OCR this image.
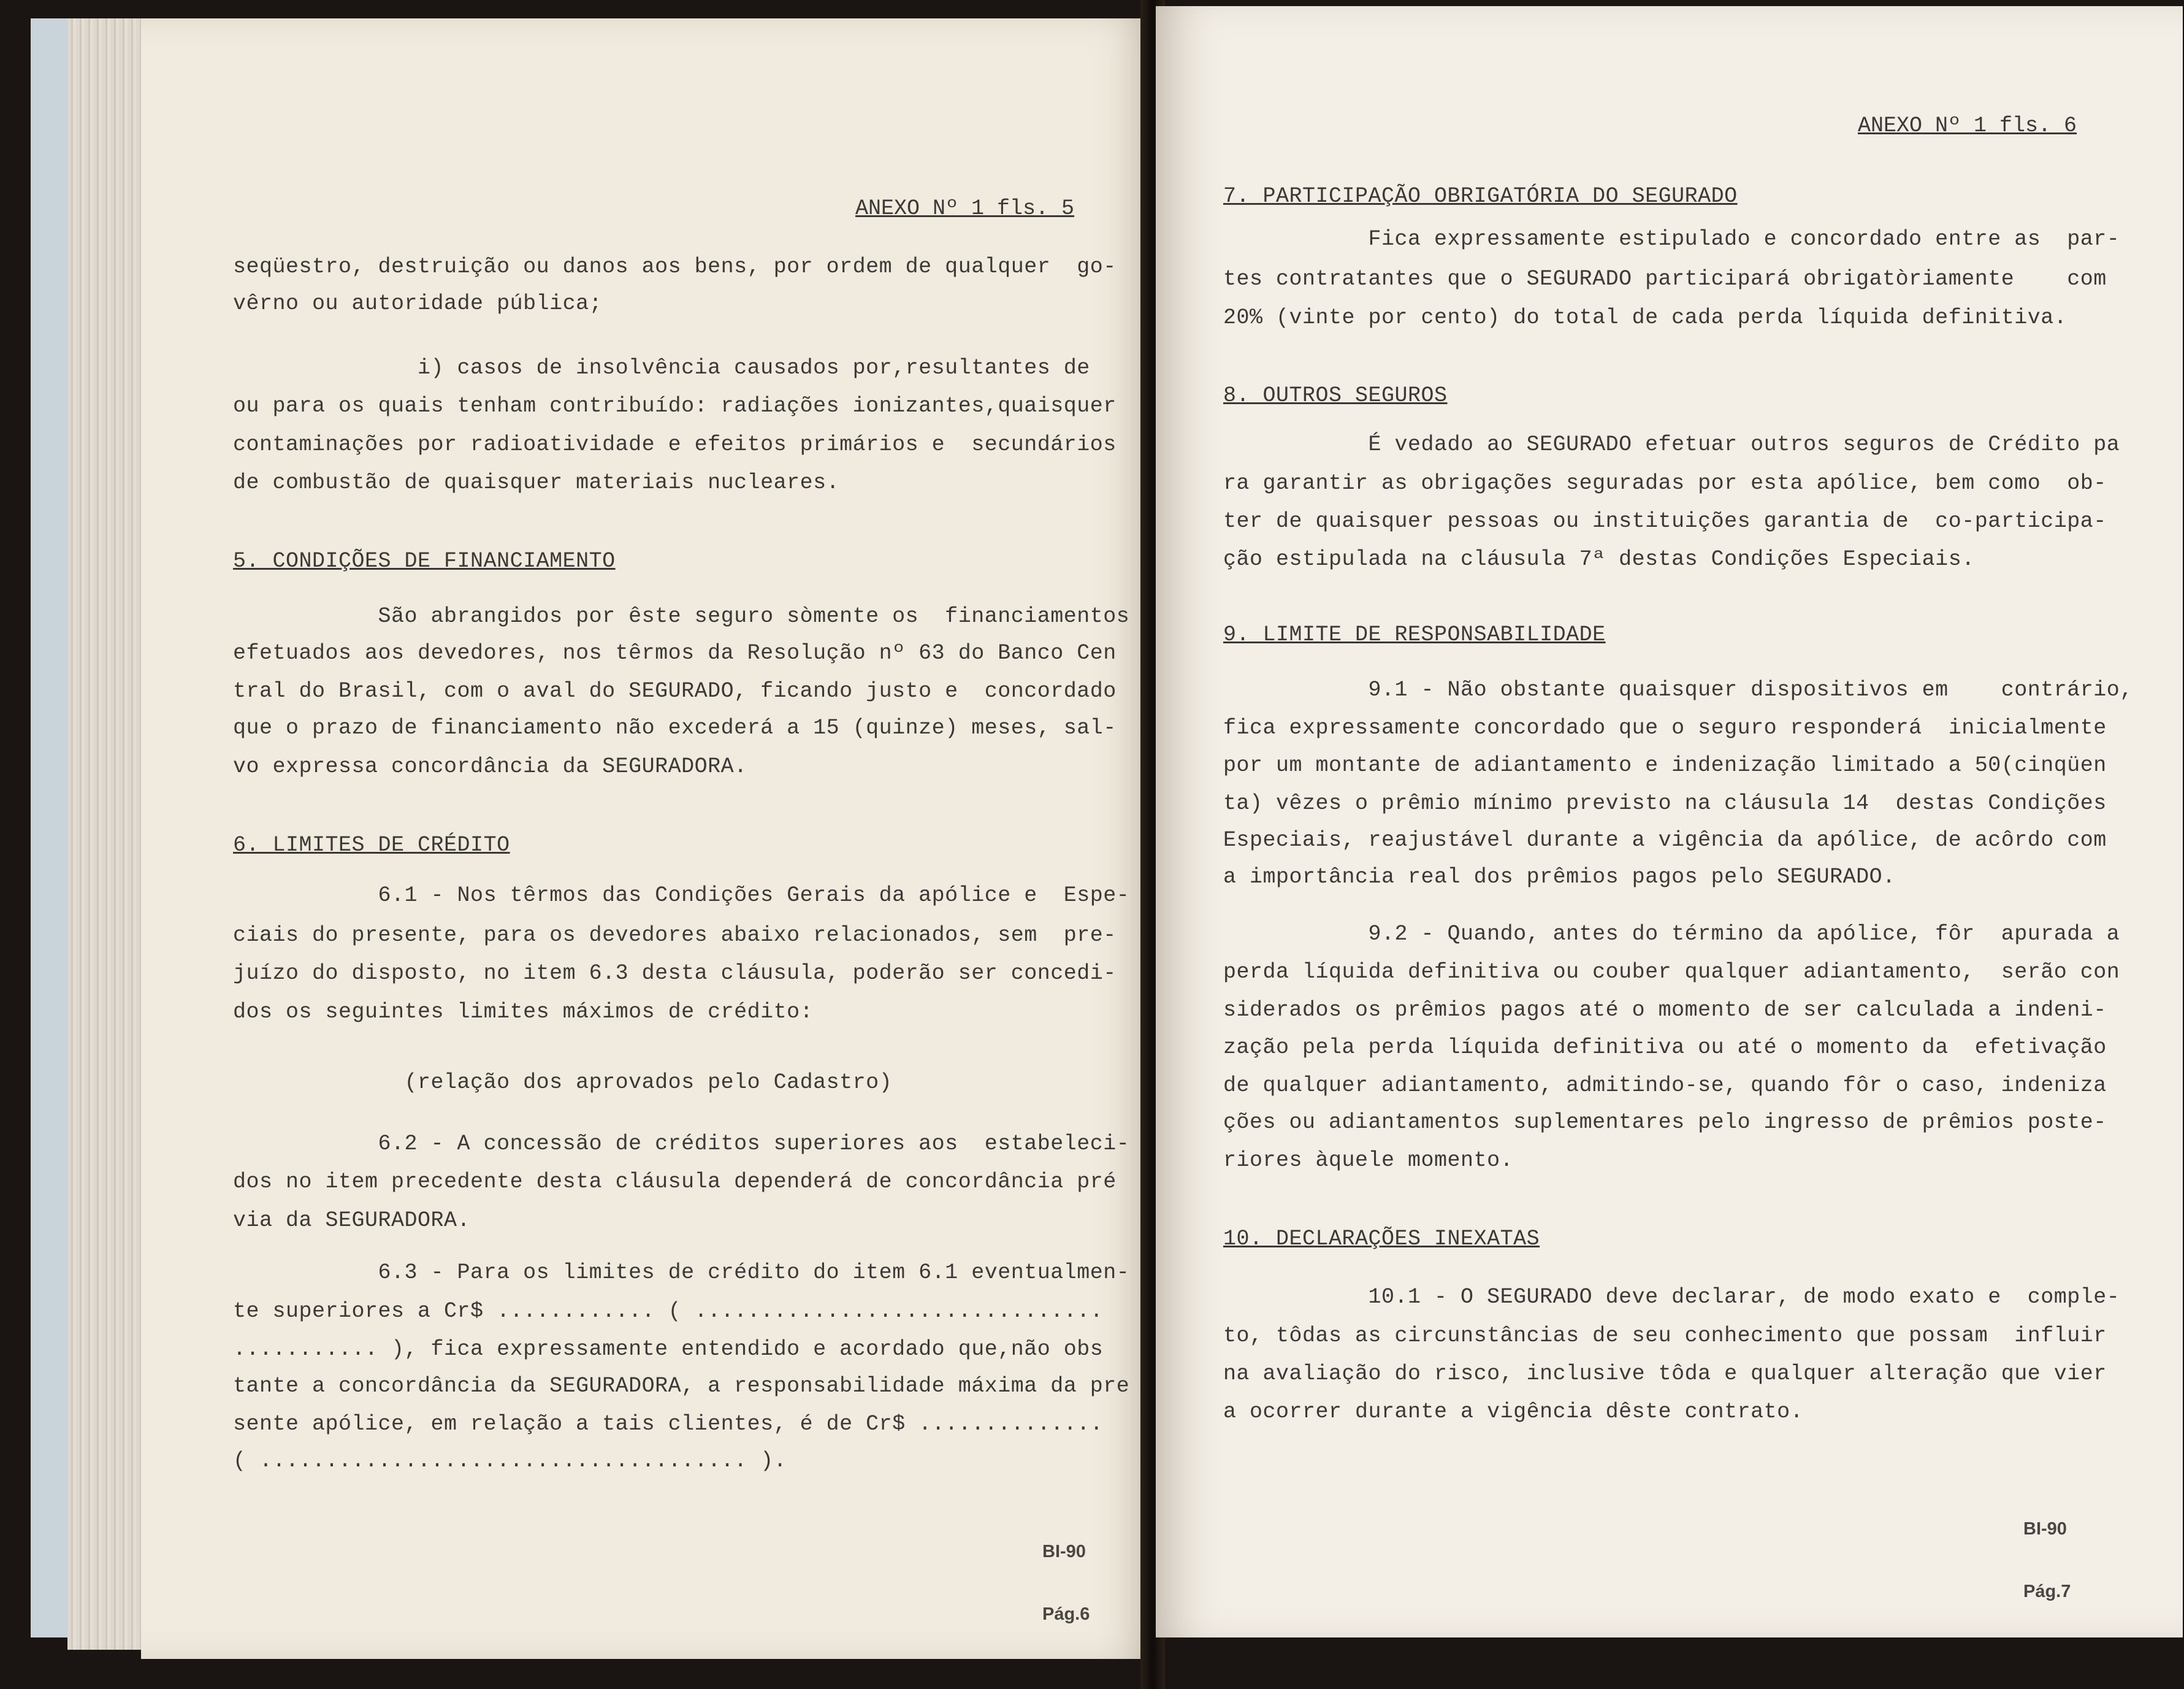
ANEXO Nº 1 fls. 5
seqüestro, destruição ou danos aos bens, por ordem de qualquer  go-
vêrno ou autoridade pública;
i) casos de insolvência causados por,resultantes de
ou para os quais tenham contribuído: radiações ionizantes,quaisquer
contaminações por radioatividade e efeitos primários e  secundários
de combustão de quaisquer materiais nucleares.
5. CONDIÇÕES DE FINANCIAMENTO
São abrangidos por êste seguro sòmente os  financiamentos
efetuados aos devedores, nos têrmos da Resolução nº 63 do Banco Cen
tral do Brasil, com o aval do SEGURADO, ficando justo e  concordado
que o prazo de financiamento não excederá a 15 (quinze) meses, sal-
vo expressa concordância da SEGURADORA.
6. LIMITES DE CRÉDITO
6.1 - Nos têrmos das Condições Gerais da apólice e  Espe-
ciais do presente, para os devedores abaixo relacionados, sem  pre-
juízo do disposto, no item 6.3 desta cláusula, poderão ser concedi-
dos os seguintes limites máximos de crédito:
(relação dos aprovados pelo Cadastro)
6.2 - A concessão de créditos superiores aos  estabeleci-
dos no item precedente desta cláusula dependerá de concordância pré
via da SEGURADORA.
6.3 - Para os limites de crédito do item 6.1 eventualmen-
te superiores a Cr$ ............ ( ...............................
........... ), fica expressamente entendido e acordado que,não obs
tante a concordância da SEGURADORA, a responsabilidade máxima da pre
sente apólice, em relação a tais clientes, é de Cr$ ..............
( ..................................... ).

BI-90

Pág.6

ANEXO Nº 1 fls. 6
7. PARTICIPAÇÃO OBRIGATÓRIA DO SEGURADO
Fica expressamente estipulado e concordado entre as  par-
tes contratantes que o SEGURADO participará obrigatòriamente    com
20% (vinte por cento) do total de cada perda líquida definitiva.
8. OUTROS SEGUROS
É vedado ao SEGURADO efetuar outros seguros de Crédito pa
ra garantir as obrigações seguradas por esta apólice, bem como  ob-
ter de quaisquer pessoas ou instituições garantia de  co-participa-
ção estipulada na cláusula 7ª destas Condições Especiais.
9. LIMITE DE RESPONSABILIDADE
9.1 - Não obstante quaisquer dispositivos em    contrário,
fica expressamente concordado que o seguro responderá  inicialmente
por um montante de adiantamento e indenização limitado a 50(cinqüen
ta) vêzes o prêmio mínimo previsto na cláusula 14  destas Condições
Especiais, reajustável durante a vigência da apólice, de acôrdo com
a importância real dos prêmios pagos pelo SEGURADO.
9.2 - Quando, antes do término da apólice, fôr  apurada a
perda líquida definitiva ou couber qualquer adiantamento,  serão con
siderados os prêmios pagos até o momento de ser calculada a indeni-
zação pela perda líquida definitiva ou até o momento da  efetivação
de qualquer adiantamento, admitindo-se, quando fôr o caso, indeniza
ções ou adiantamentos suplementares pelo ingresso de prêmios poste-
riores àquele momento.
10. DECLARAÇÕES INEXATAS
10.1 - O SEGURADO deve declarar, de modo exato e  comple-
to, tôdas as circunstâncias de seu conhecimento que possam  influir
na avaliação do risco, inclusive tôda e qualquer alteração que vier
a ocorrer durante a vigência dêste contrato.

BI-90

Pág.7
